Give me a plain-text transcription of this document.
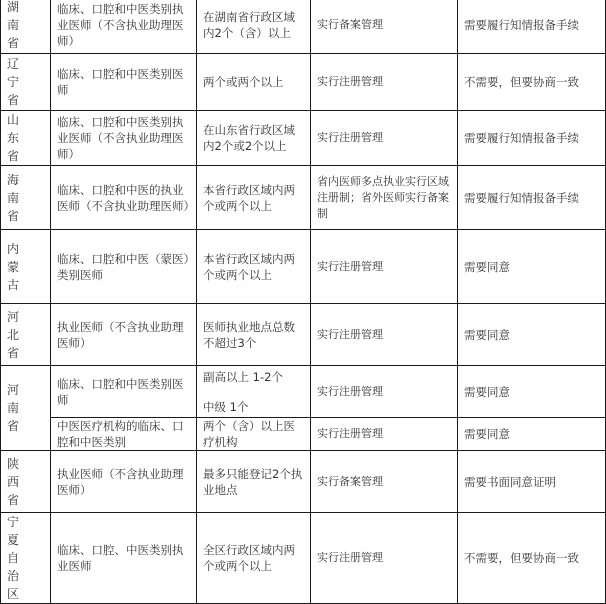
湖南省	临床、口腔和中医类别执业医师（不含执业助理医师）	在湖南省行政区域内2个（含）以上	实行备案管理	需要履行知情报备手续

辽宁省	临床、口腔和中医类别医师	两个或两个以上	实行注册管理	不需要，但要协商一致

山东省	临床、口腔和中医类别执业医师（不含执业助理医师）	在山东省行政区域内2个或2个以上	实行注册管理	需要履行知情报备手续

海南省	临床、口腔和中医的执业医师（不含执业助理医师）	本省行政区域内两个或两个以上	省内医师多点执业实行区域注册制；省外医师实行备案制	需要履行知情报备手续

内蒙古	临床、口腔和中医（蒙医）类别医师	本省行政区域内两个或两个以上	实行注册管理	需要同意

河北省	执业医师（不含执业助理医师）	医师执业地点总数不超过3个	实行注册管理	需要同意

河南省	临床、口腔和中医类别医师	副高以上 1-2个
中级 1个	实行注册管理	需要同意

	中医医疗机构的临床、口腔和中医类别	两个（含）以上医疗机构	实行注册管理	需要同意

陕西省	执业医师（不含执业助理医师）	最多只能登记2个执业地点	实行备案管理	需要书面同意证明

宁夏自治区	临床、口腔、中医类别执业医师	全区行政区域内两个或两个以上	实行注册管理	不需要，但要协商一致
